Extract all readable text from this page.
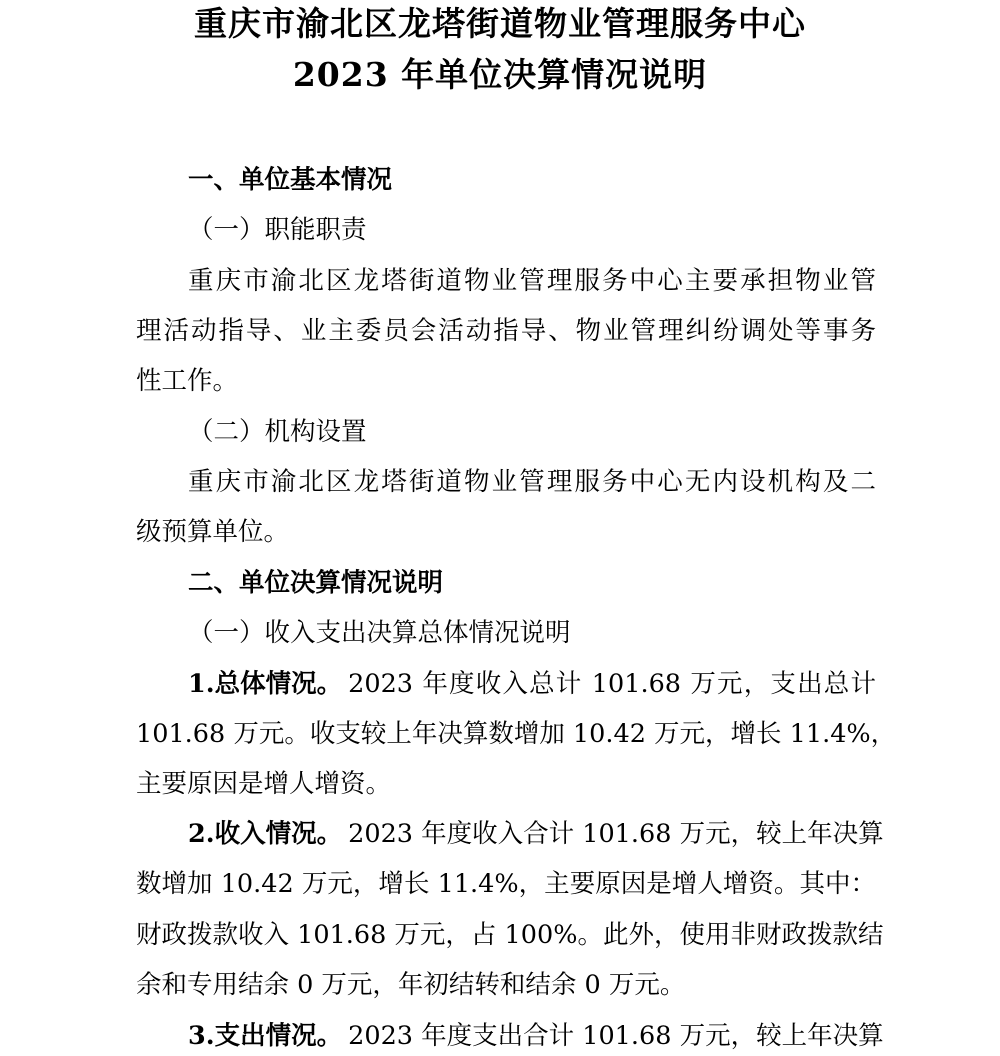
重庆市渝北区龙塔街道物业管理服务中心
2023 年单位决算情况说明
一、单位基本情况
（一）职能职责
重庆市渝北区龙塔街道物业管理服务中心主要承担物业管
理活动指导、业主委员会活动指导、物业管理纠纷调处等事务
性工作。
（二）机构设置
重庆市渝北区龙塔街道物业管理服务中心无内设机构及二
级预算单位。
二、单位决算情况说明
（一）收入支出决算总体情况说明
1.总体情况。 2023 年度收入总计 101.68 万元，支出总计
101.68 万元。收支较上年决算数增加 10.42 万元，增长 11.4%，
主要原因是增人增资。
2.收入情况。 2023 年度收入合计 101.68 万元，较上年决算
数增加 10.42 万元，增长 11.4%，主要原因是增人增资。其中：
财政拨款收入 101.68 万元，占 100%。此外，使用非财政拨款结
余和专用结余 0 万元，年初结转和结余 0 万元。
3.支出情况。 2023 年度支出合计 101.68 万元，较上年决算
